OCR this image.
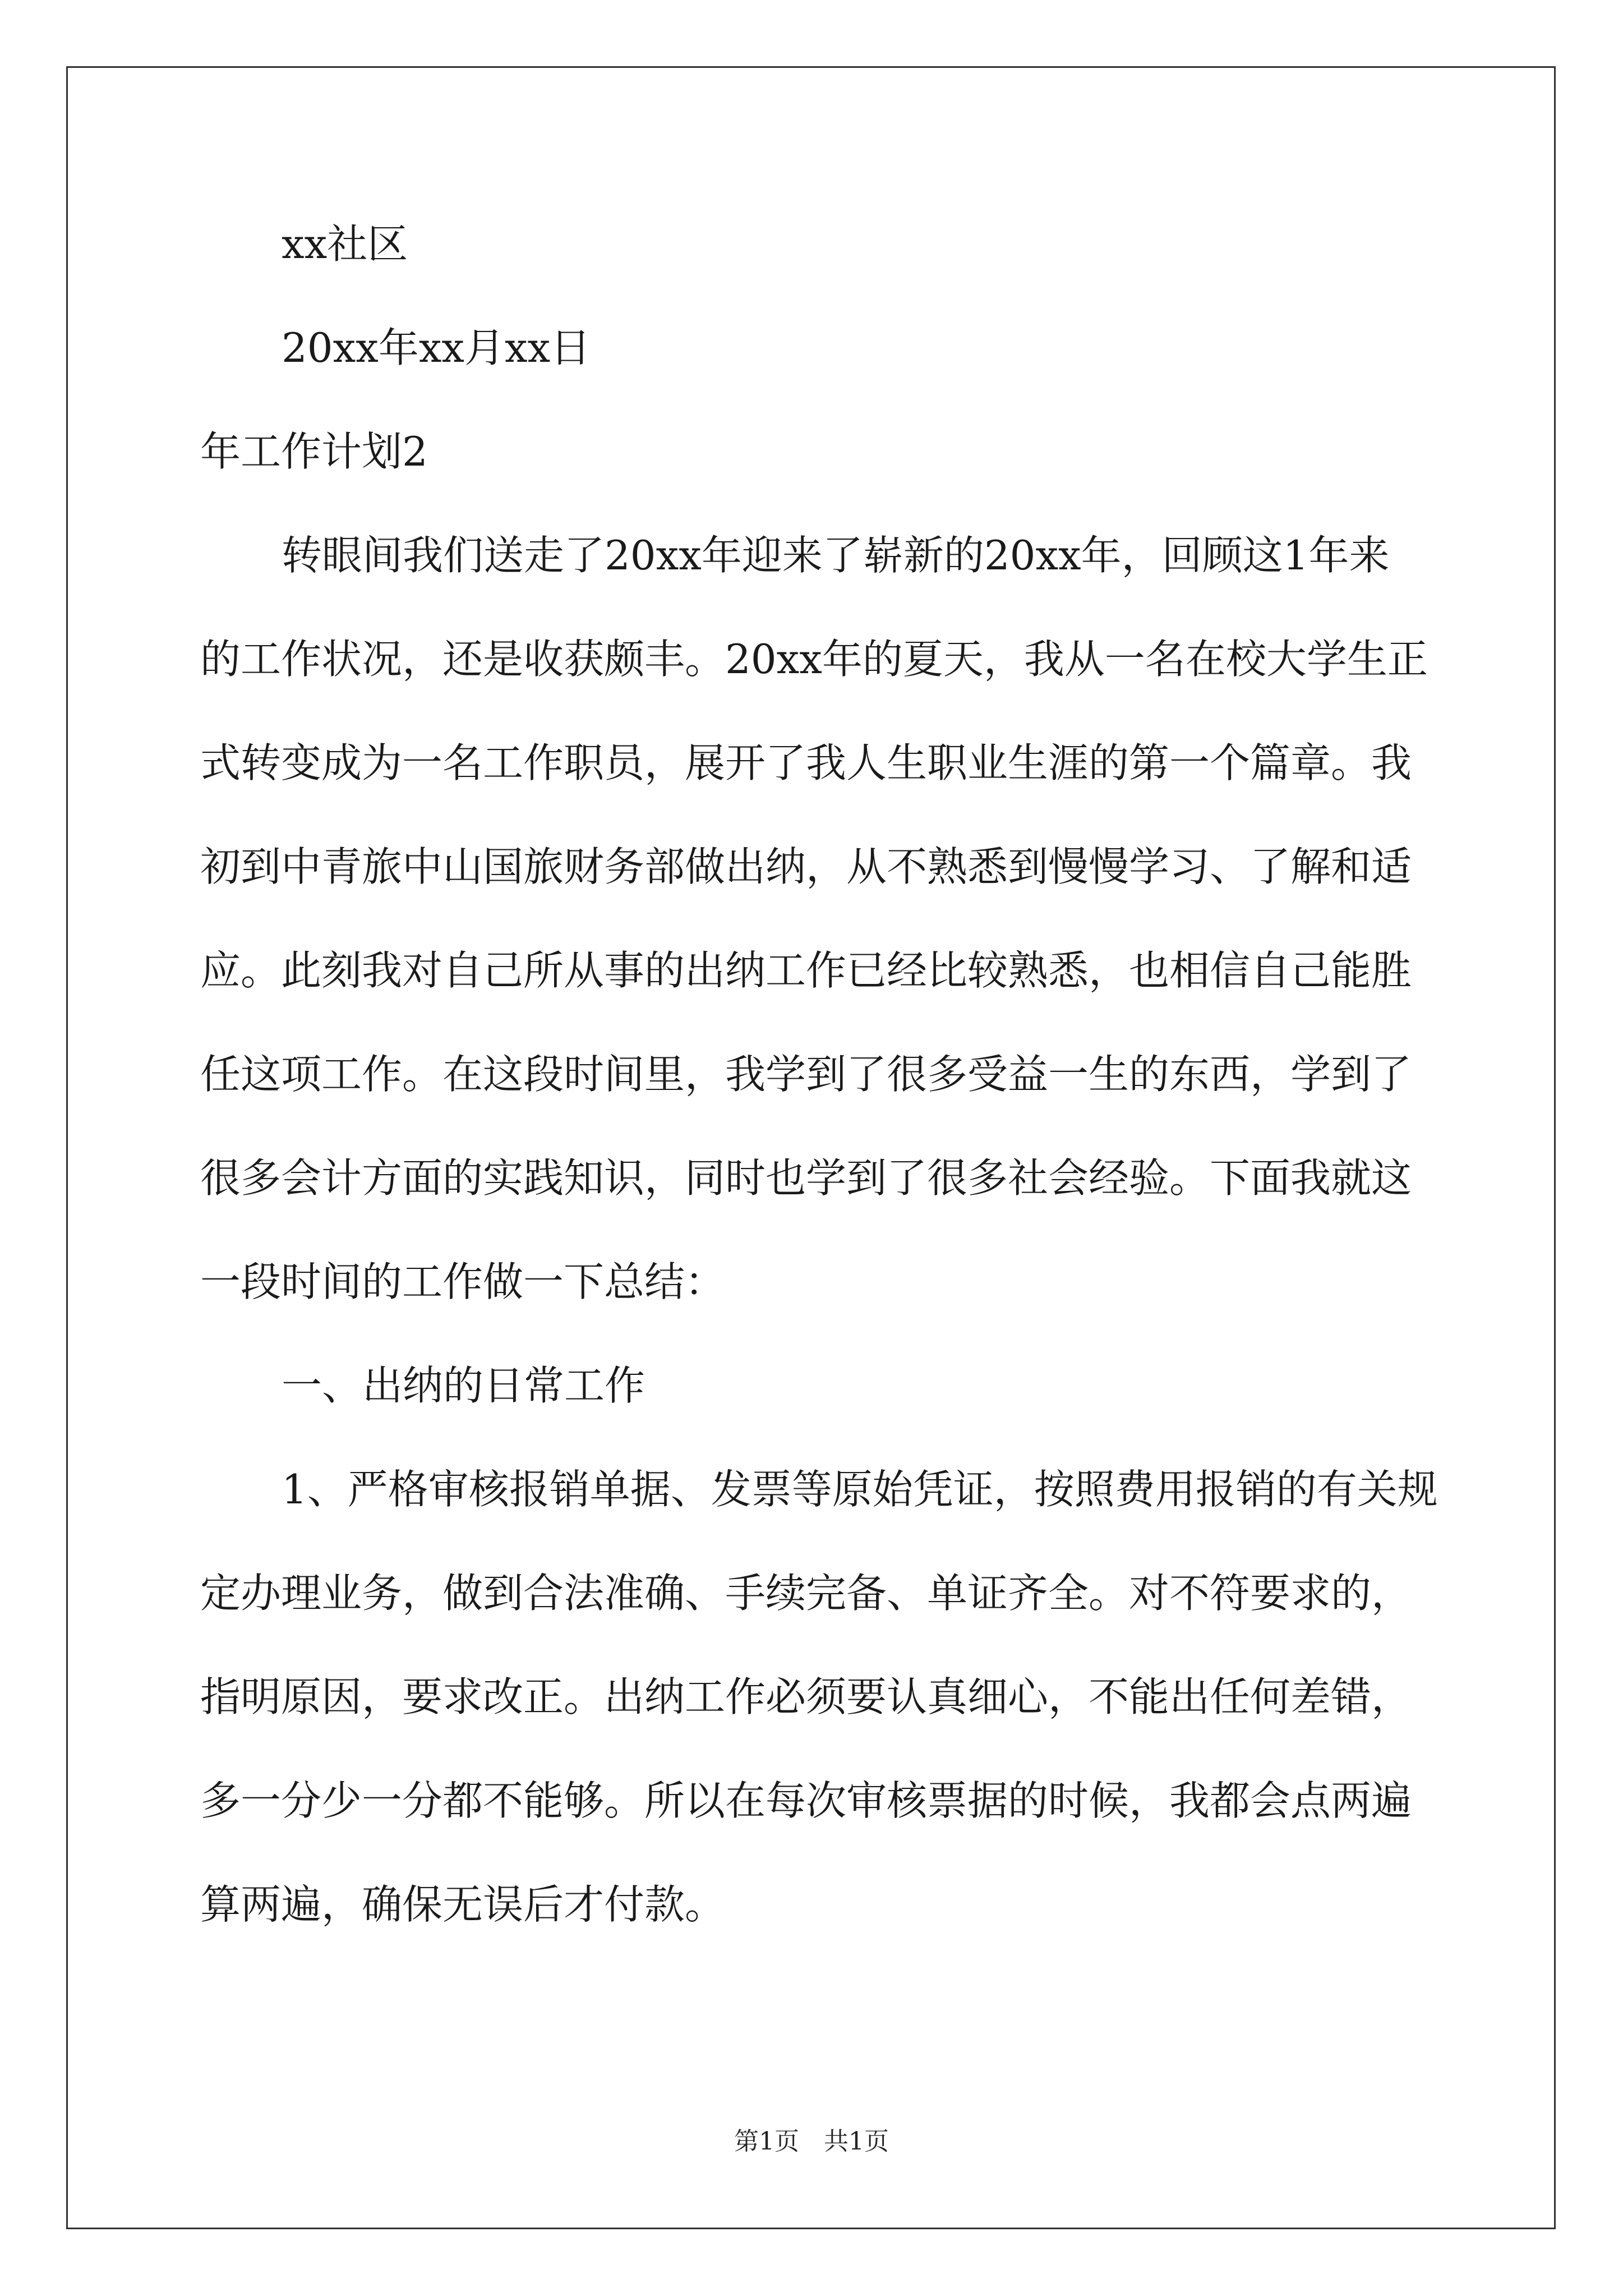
xx社区
20xx年xx月xx日
年工作计划2
转眼间我们送走了20xx年迎来了崭新的20xx年，回顾这1年来
的工作状况，还是收获颇丰。20xx年的夏天，我从一名在校大学生正
式转变成为一名工作职员，展开了我人生职业生涯的第一个篇章。我
初到中青旅中山国旅财务部做出纳，从不熟悉到慢慢学习、了解和适
应。此刻我对自己所从事的出纳工作已经比较熟悉，也相信自己能胜
任这项工作。在这段时间里，我学到了很多受益一生的东西，学到了
很多会计方面的实践知识，同时也学到了很多社会经验。下面我就这
一段时间的工作做一下总结：
一、出纳的日常工作
1、严格审核报销单据、发票等原始凭证，按照费用报销的有关规
定办理业务，做到合法准确、手续完备、单证齐全。对不符要求的，
指明原因，要求改正。出纳工作必须要认真细心，不能出任何差错，
多一分少一分都不能够。所以在每次审核票据的时候，我都会点两遍
算两遍，确保无误后才付款。
第1页　共1页
